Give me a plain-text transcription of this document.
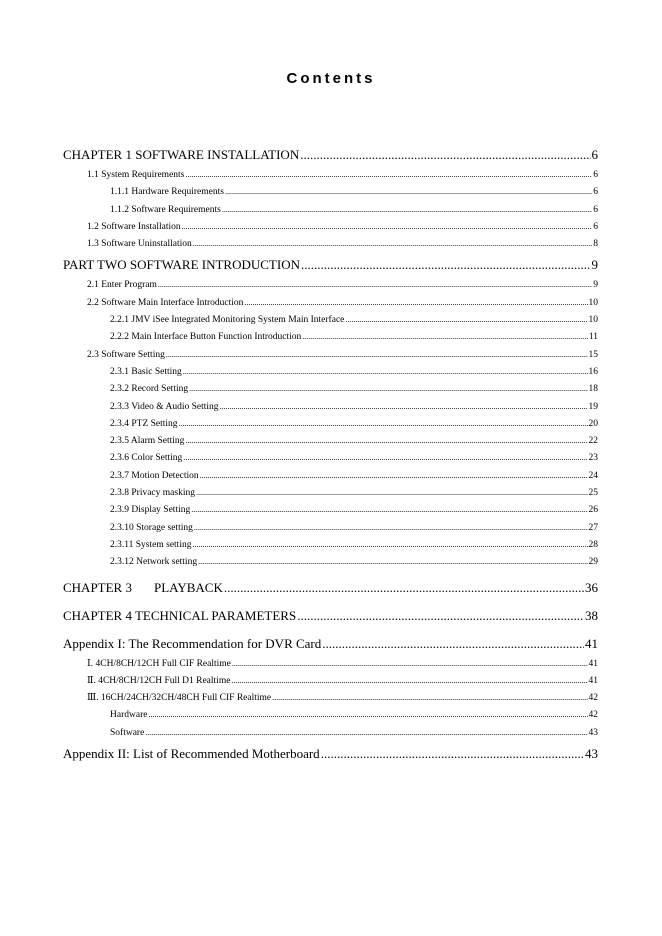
Contents
CHAPTER 1 SOFTWARE INSTALLATION .....	6
1.1 System Requirements .....	6
1.1.1 Hardware Requirements .....	6
1.1.2 Software Requirements .....	6
1.2 Software Installation .....	6
1.3 Software Uninstallation .....	8
PART TWO SOFTWARE INTRODUCTION .....	9
2.1 Enter Program .....	9
2.2 Software Main Interface Introduction .....	10
2.2.1 JMV iSee Integrated Monitoring System Main Interface .....	10
2.2.2 Main Interface Button Function Introduction .....	11
2.3 Software Setting .....	15
2.3.1 Basic Setting .....	16
2.3.2 Record Setting .....	18
2.3.3 Video & Audio Setting .....	19
2.3.4 PTZ Setting .....	20
2.3.5 Alarm Setting .....	22
2.3.6 Color Setting .....	23
2.3.7 Motion Detection .....	24
2.3.8 Privacy masking .....	25
2.3.9 Display Setting .....	26
2.3.10 Storage setting .....	27
2.3.11 System setting .....	28
2.3.12 Network setting .....	29
CHAPTER 3 PLAYBACK .....	36
CHAPTER 4 TECHNICAL PARAMETERS .....	38
Appendix I: The Recommendation for DVR Card .....	41
Ⅰ. 4CH/8CH/12CH Full CIF Realtime .....	41
Ⅱ. 4CH/8CH/12CH Full D1 Realtime .....	41
Ⅲ. 16CH/24CH/32CH/48CH Full CIF Realtime .....	42
Hardware .....	42
Software .....	43
Appendix II: List of Recommended Motherboard .....	43
